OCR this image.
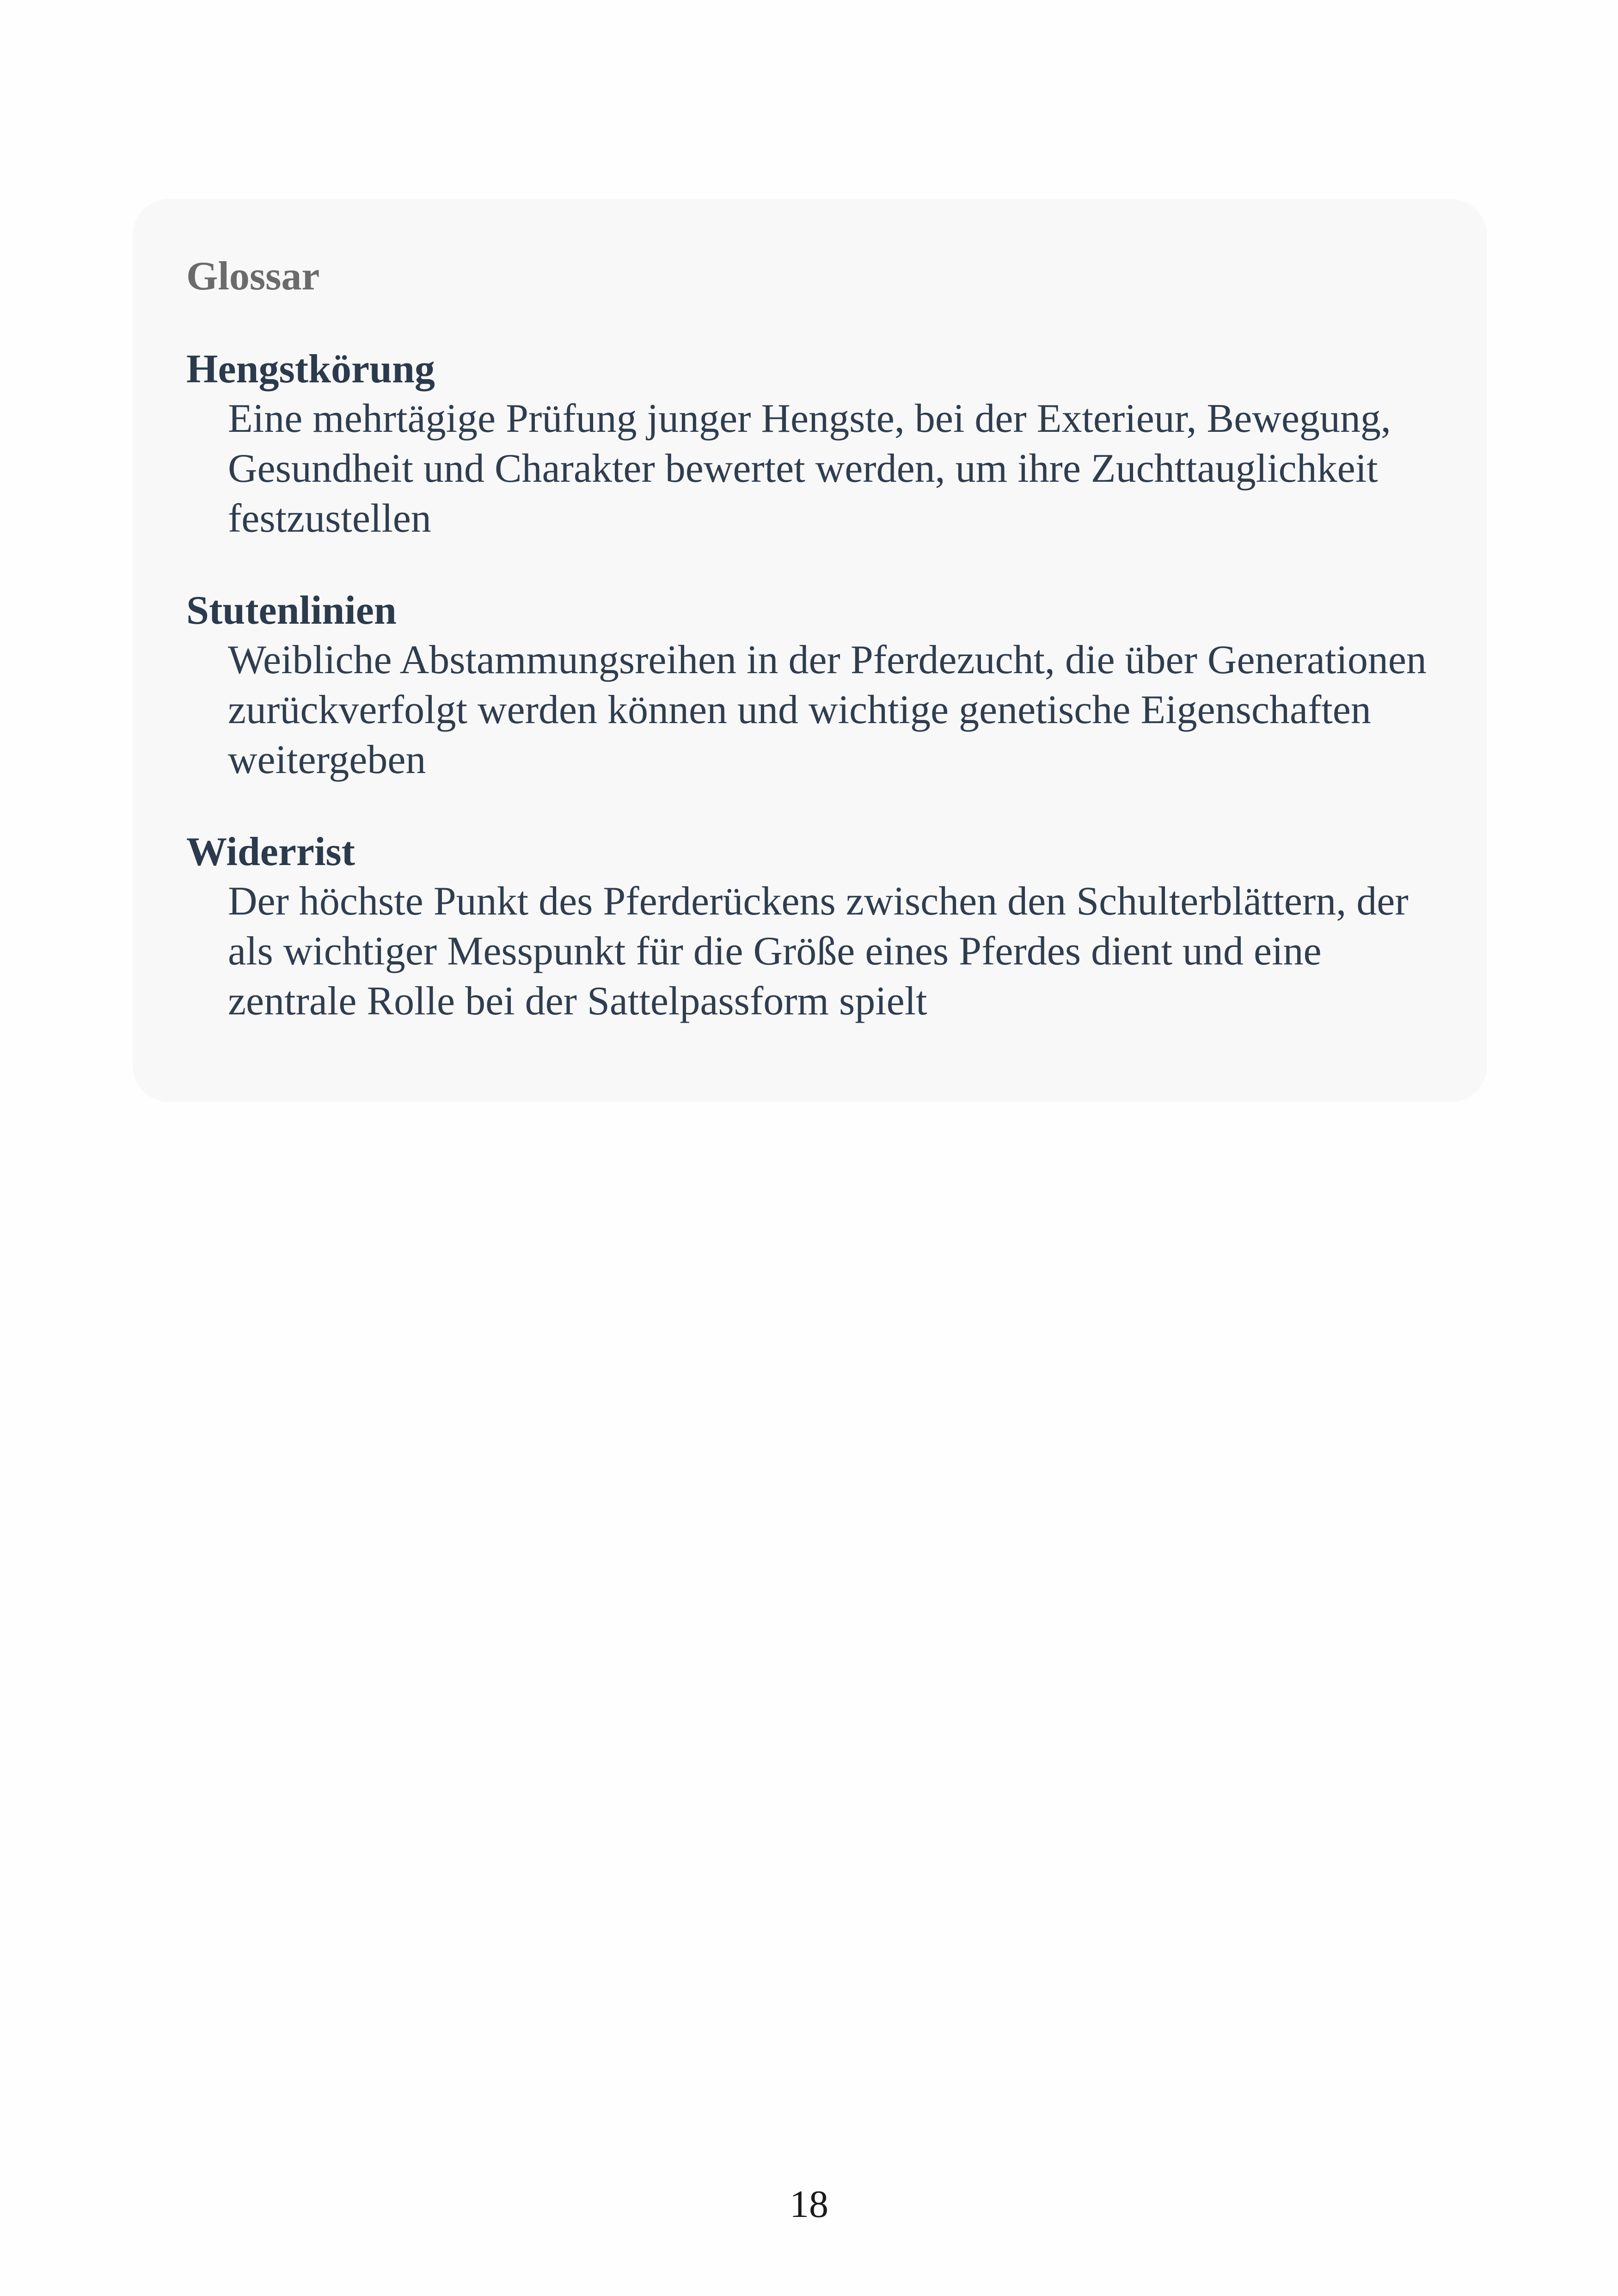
Glossar

Hengstkörung

Eine mehrtägige Prüfung junger Hengste, bei der Exterieur, Bewegung, Gesundheit und Charakter bewertet werden, um ihre Zuchttauglichkeit festzustellen

Stutenlinien

Weibliche Abstammungsreihen in der Pferdezucht, die über Generationen zurückverfolgt werden können und wichtige genetische Eigenschaften weitergeben

Widerrist

Der höchste Punkt des Pferderückens zwischen den Schulterblättern, der als wichtiger Messpunkt für die Größe eines Pferdes dient und eine zentrale Rolle bei der Sattelpassform spielt

18
